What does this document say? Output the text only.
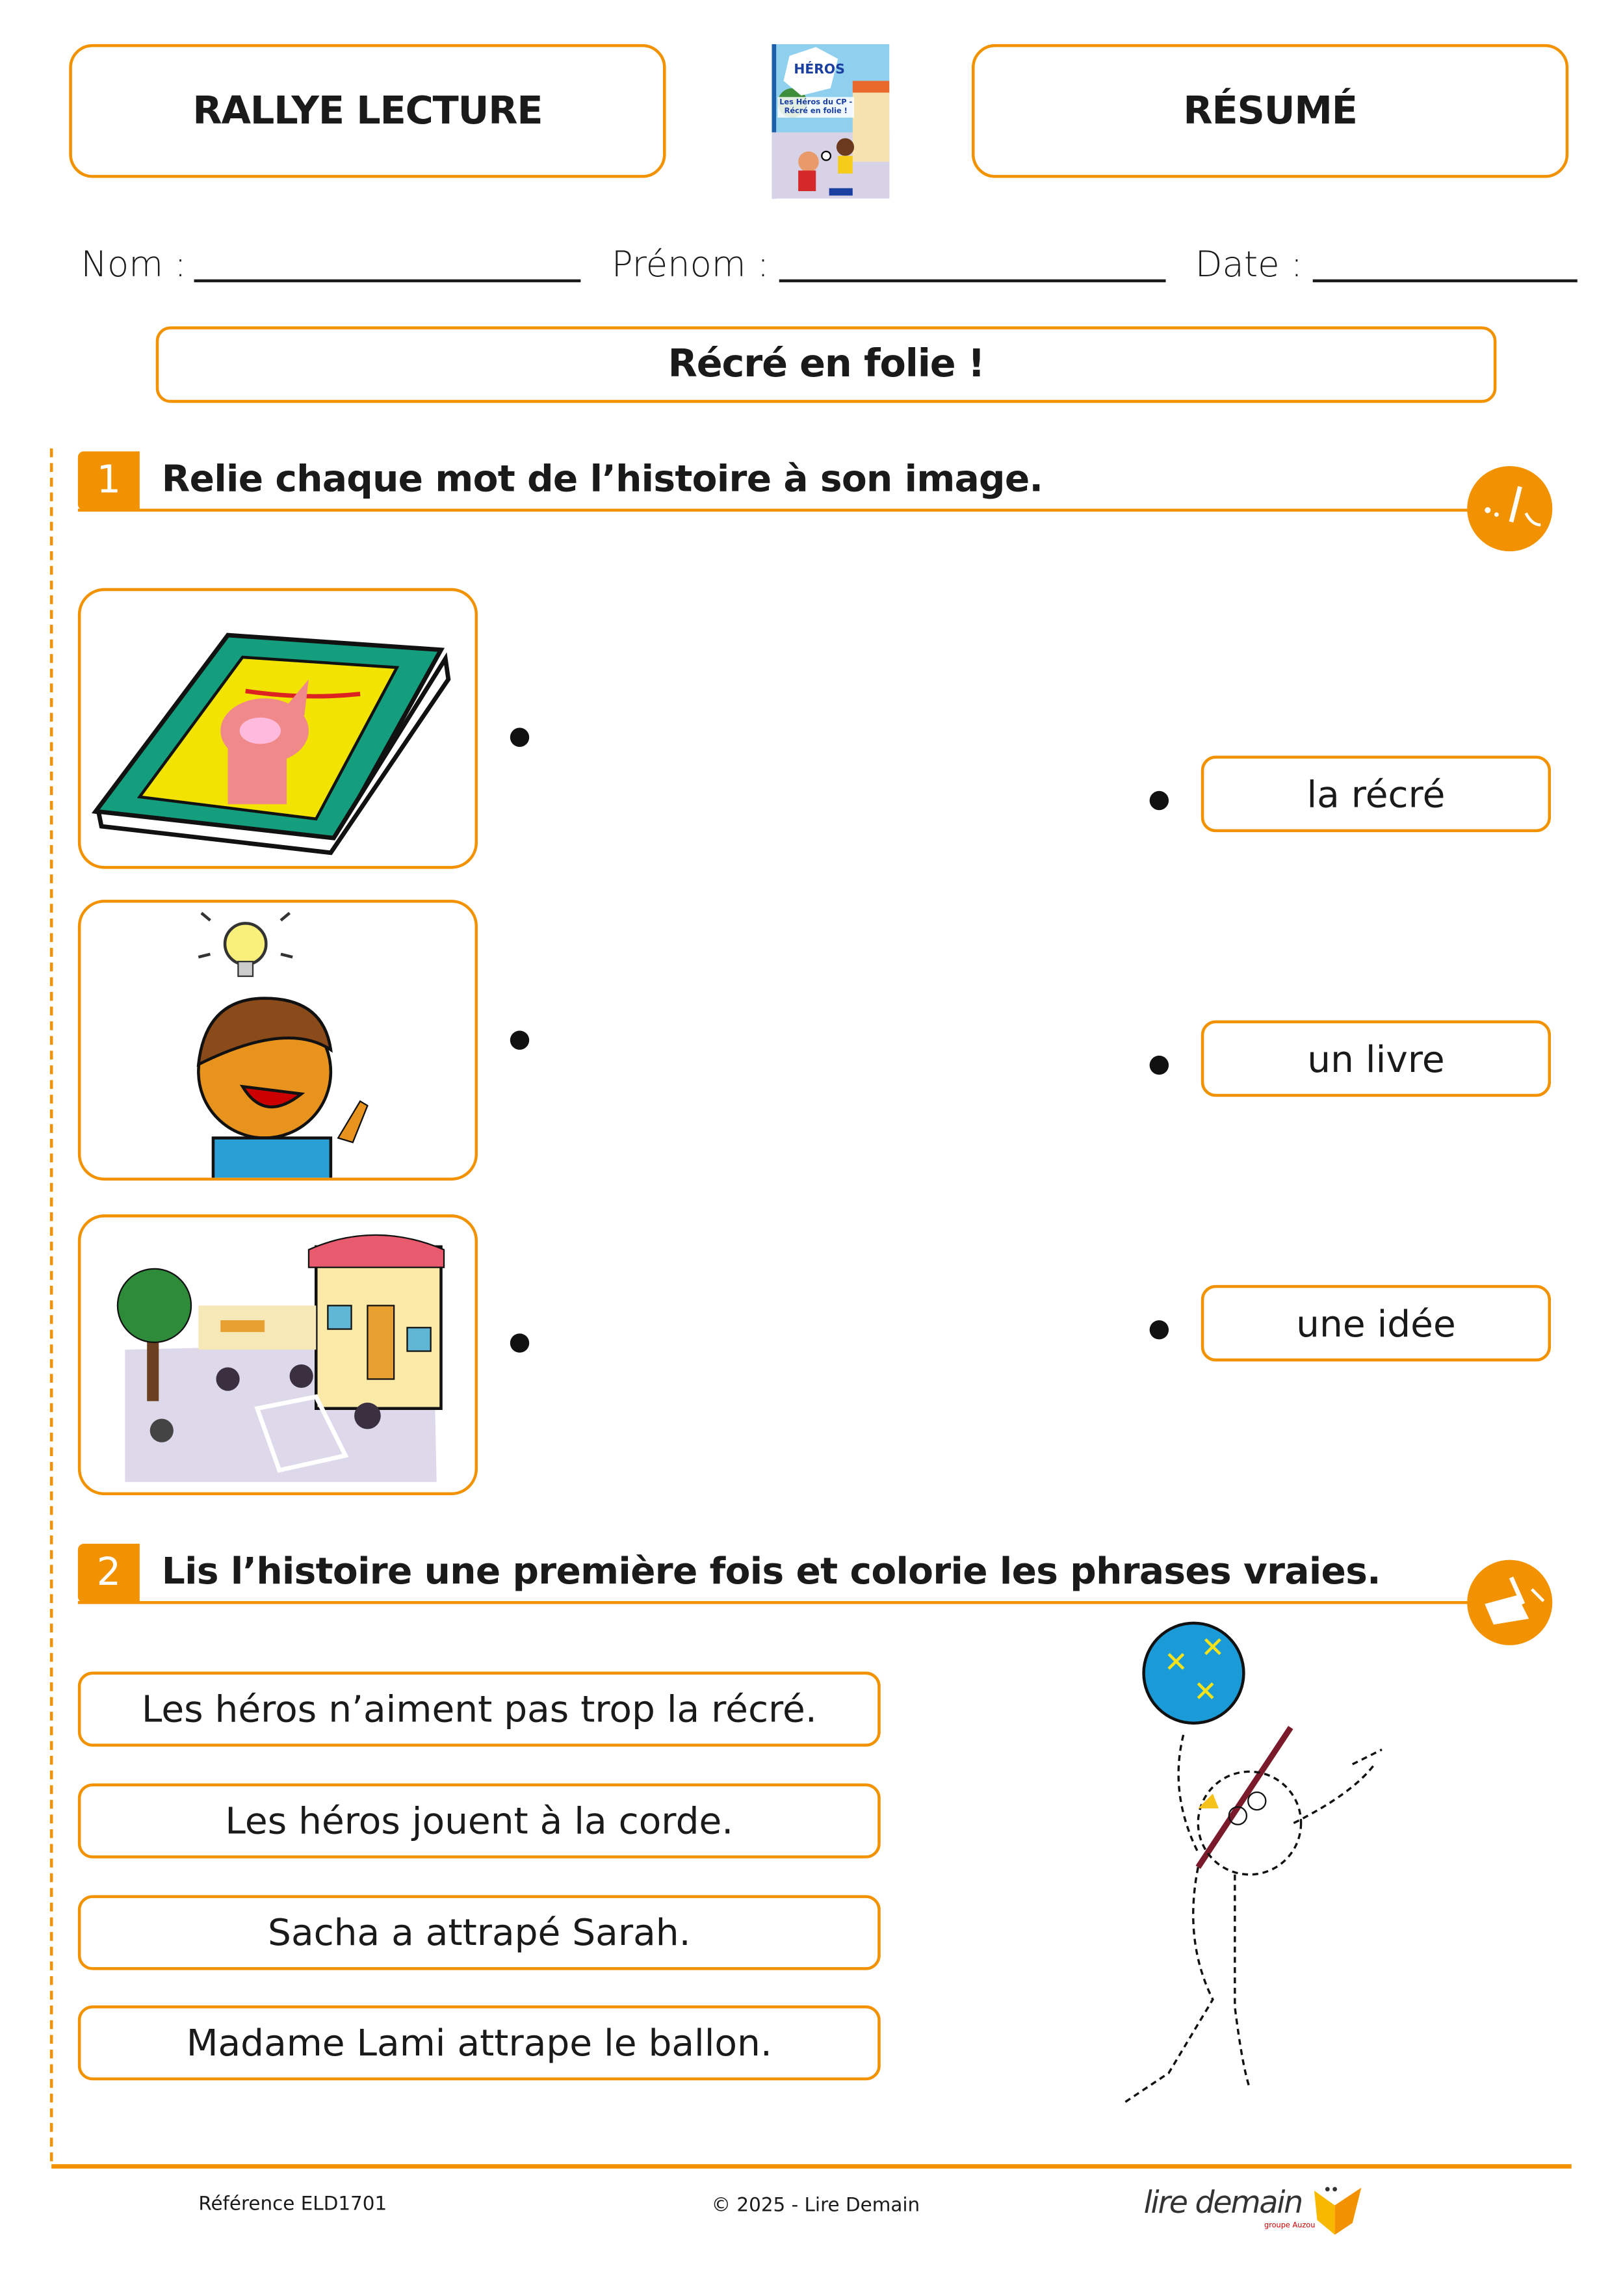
RALLYE LECTURE
HÉROS
Les Héros du CP - Récré en folie !	RÉSUMÉ
Nom :	Prénom :	Date :
Récré en folie !
1	Relie chaque mot de l’histoire à son image.
la récré
un livre
une idée
2	Lis l’histoire une première fois et colorie les phrases vraies.
Les héros n’aiment pas trop la récré.
Les héros jouent à la corde.
Sacha a attrapé Sarah.
Madame Lami attrape le ballon.
Référence ELD1701	© 2025 - Lire Demain	lire demain
groupe Auzou
